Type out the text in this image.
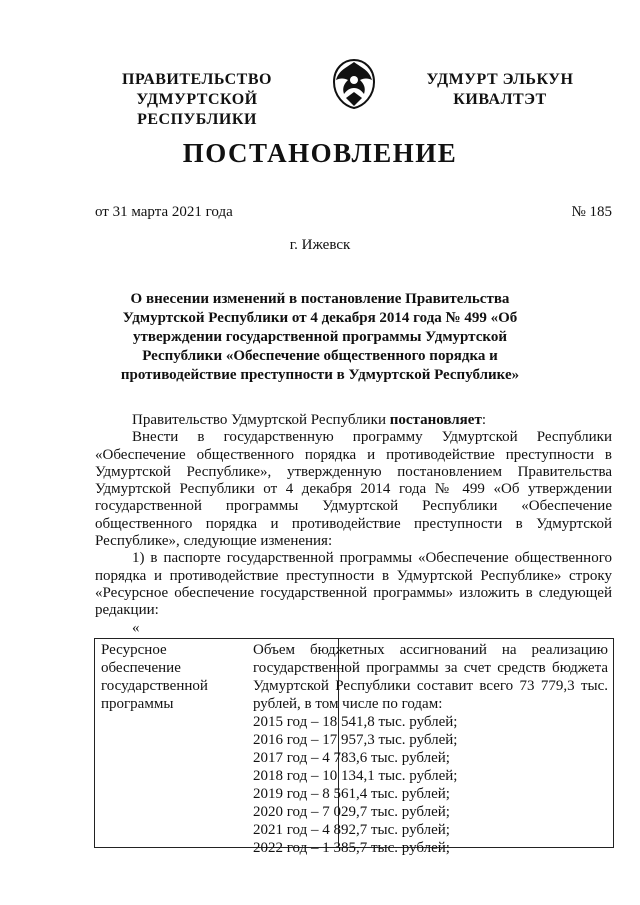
ПРАВИТЕЛЬСТВО
УДМУРТСКОЙ РЕСПУБЛИКИ
УДМУРТ ЭЛЬКУН
КИВАЛТЭТ
ПОСТАНОВЛЕНИЕ
от 31 марта 2021 года	№ 185
г. Ижевск
О внесении изменений в постановление Правительства Удмуртской Республики от 4 декабря 2014 года № 499 «Об утверждении государственной программы Удмуртской Республики «Обеспечение общественного порядка и противодействие преступности в Удмуртской Республике»

Правительство Удмуртской Республики постановляет:

Внести в государственную программу Удмуртской Республики «Обеспечение общественного порядка и противодействие преступности в Удмуртской Республике», утвержденную постановлением Правительства Удмуртской Республики от 4 декабря 2014 года № 499 «Об утверждении государственной программы Удмуртской Республики «Обеспечение общественного порядка и противодействие преступности в Удмуртской Республике», следующие изменения:

1) в паспорте государственной программы «Обеспечение общественного порядка и противодействие преступности в Удмуртской Республике» строку «Ресурсное обеспечение государственной программы» изложить в следующей редакции:

«
Ресурсное обеспечение государственной программы
Объем бюджетных ассигнований на реализацию государственной программы за счет средств бюджета Удмуртской Республики составит всего 73 779,3 тыс. рублей, в том числе по годам:
2015 год – 18 541,8 тыс. рублей;
2016 год – 17 957,3 тыс. рублей;
2017 год – 4 783,6 тыс. рублей;
2018 год – 10 134,1 тыс. рублей;
2019 год – 8 561,4 тыс. рублей;
2020 год – 7 029,7 тыс. рублей;
2021 год – 4 892,7 тыс. рублей;
2022 год – 1 385,7 тыс. рублей;
